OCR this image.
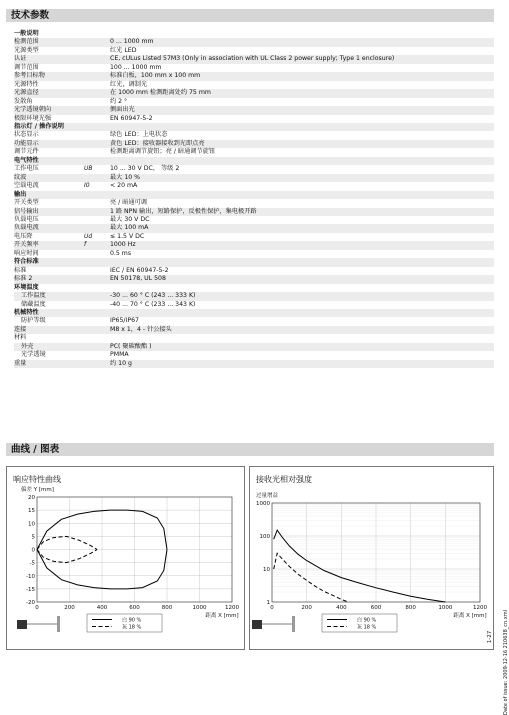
技术参数
一般说明
检测范围	0 ... 1000 mm
光源类型	红光 LED
认证	CE, cULus Listed 57M3 (Only in association with UL Class 2 power supply; Type 1 enclosure)
调节范围	100 ... 1000 mm
参考目标物	标准白板，100 mm x 100 mm
光源特性	红光，调制光
光源直径	在 1000 mm 检测距离处约 75 mm
发散角	约 2 °
光学透镜朝向	侧面出光
极限环境光强	EN 60947-5-2
指示灯 / 操作说明
状态显示	绿色 LED：上电状态
功能显示	黄色 LED：接收器接收到光即点亮
调节元件	检测距离调节旋钮；亮 / 暗通调节旋钮
电气特性
工作电压	UB	10 ... 30 V DC， 等级 2
纹波	最大 10 %
空载电流	I0	< 20 mA
输出
开关类型	亮 / 暗通可调
信号输出	1 路 NPN 输出，短路保护，反极性保护，集电极开路
负载电压	最大 30 V DC
负载电流	最大 100 mA
电压降	Ud	≤ 1.5 V DC
开关频率	f	1000 Hz
响应时间	0.5 ms
符合标准
标准	IEC / EN 60947-5-2
标准 2	EN 50178, UL 508
环境温度
工作温度	-30 ... 60 ° C (243 ... 333 K)
储藏温度	-40 ... 70 ° C (233 ... 343 K)
机械特性
防护等级	IP65/IP67
连接	M8 x 1，4 - 针公接头
材料
外壳	PC( 聚碳酸酯 )
光学透镜	PMMA
重量	约 10 g
曲线 / 图表
响应特性曲线
0	200	400	600	800	1000	1200
-20
-15
-10
-5
0
5
10
15
20
偏差 Y [mm]
距离 X [mm]
白 90 %
灰 18 %
接收光相对强度
0	200	400	600	800	1000	1200
1
10
100
1000
过量增益
距离 X [mm]
白 90 %
灰 18 %	Date of issue: 2009-12-16 210638_cn.xml
1-27
